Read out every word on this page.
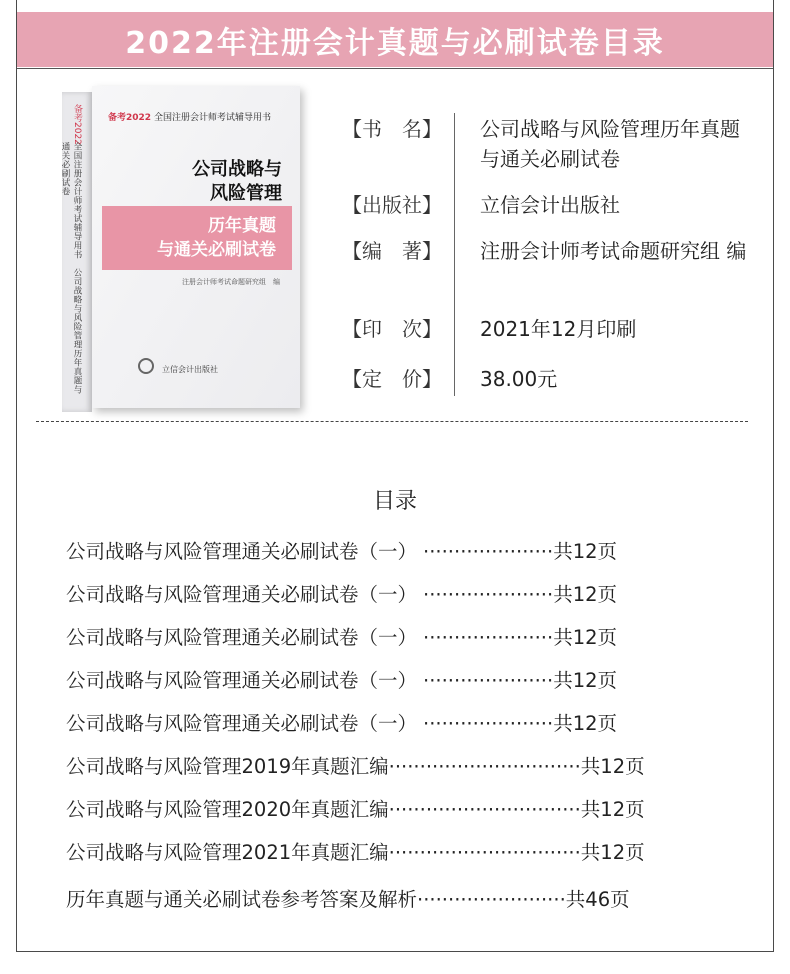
2022年注册会计真题与必刷试卷目录
备考2022
全国注册会计师考试辅导用书　公司战略与风险管理历年真题与通关必刷试卷
备考2022 全国注册会计师考试辅导用书
公司战略与
风险管理
历年真题
与通关必刷试卷
注册会计师考试命题研究组　编
立信会计出版社
【书　名】 公司战略与风险管理历年真题与通关必刷试卷
【出版社】 立信会计出版社
【编　著】 注册会计师考试命题研究组 编
【印　次】 2021年12月印刷
【定　价】 38.00元
目录
公司战略与风险管理通关必刷试卷（一） ·····················共12页
公司战略与风险管理通关必刷试卷（一） ·····················共12页
公司战略与风险管理通关必刷试卷（一） ·····················共12页
公司战略与风险管理通关必刷试卷（一） ·····················共12页
公司战略与风险管理通关必刷试卷（一） ·····················共12页
公司战略与风险管理2019年真题汇编·······························共12页
公司战略与风险管理2020年真题汇编·······························共12页
公司战略与风险管理2021年真题汇编·······························共12页
历年真题与通关必刷试卷参考答案及解析························共46页
